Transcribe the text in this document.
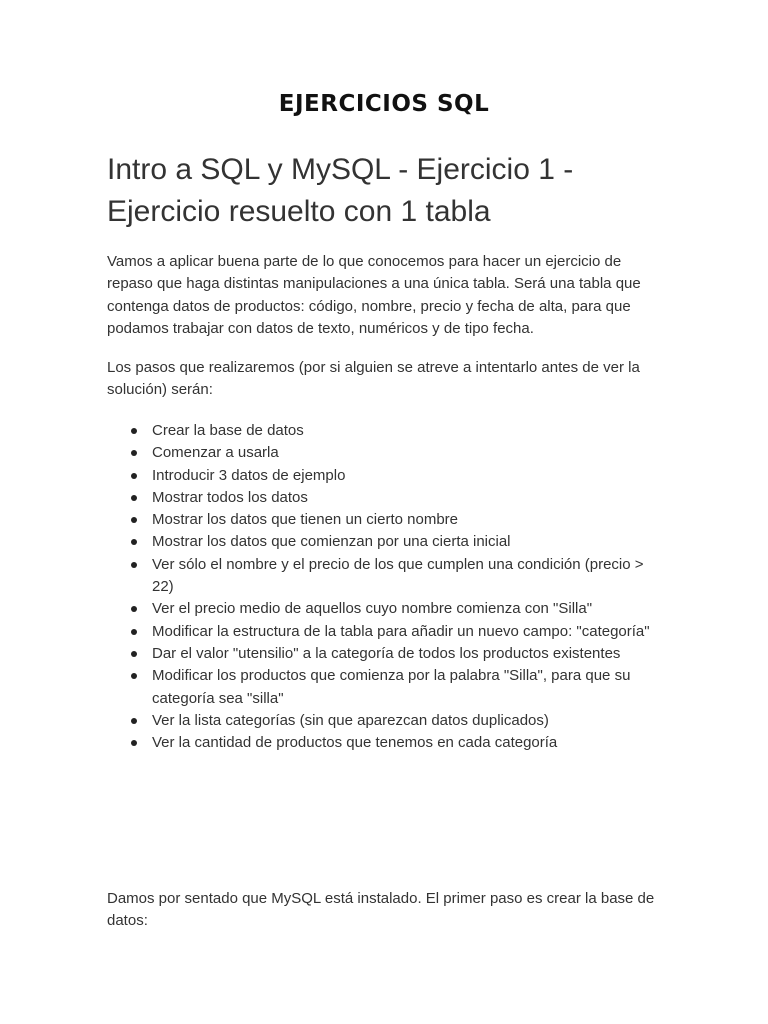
EJERCICIOS SQL
Intro a SQL y MySQL - Ejercicio 1 - Ejercicio resuelto con 1 tabla

Vamos a aplicar buena parte de lo que conocemos para hacer un ejercicio de repaso que haga distintas manipulaciones a una única tabla. Será una tabla que contenga datos de productos: código, nombre, precio y fecha de alta, para que podamos trabajar con datos de texto, numéricos y de tipo fecha.

Los pasos que realizaremos (por si alguien se atreve a intentarlo antes de ver la solución) serán:

Crear la base de datos
Comenzar a usarla
Introducir 3 datos de ejemplo
Mostrar todos los datos
Mostrar los datos que tienen un cierto nombre
Mostrar los datos que comienzan por una cierta inicial
Ver sólo el nombre y el precio de los que cumplen una condición (precio > 22)
Ver el precio medio de aquellos cuyo nombre comienza con "Silla"
Modificar la estructura de la tabla para añadir un nuevo campo: "categoría"
Dar el valor "utensilio" a la categoría de todos los productos existentes
Modificar los productos que comienza por la palabra "Silla", para que su categoría sea "silla"
Ver la lista categorías (sin que aparezcan datos duplicados)
Ver la cantidad de productos que tenemos en cada categoría

Damos por sentado que MySQL está instalado. El primer paso es crear la base de datos:
